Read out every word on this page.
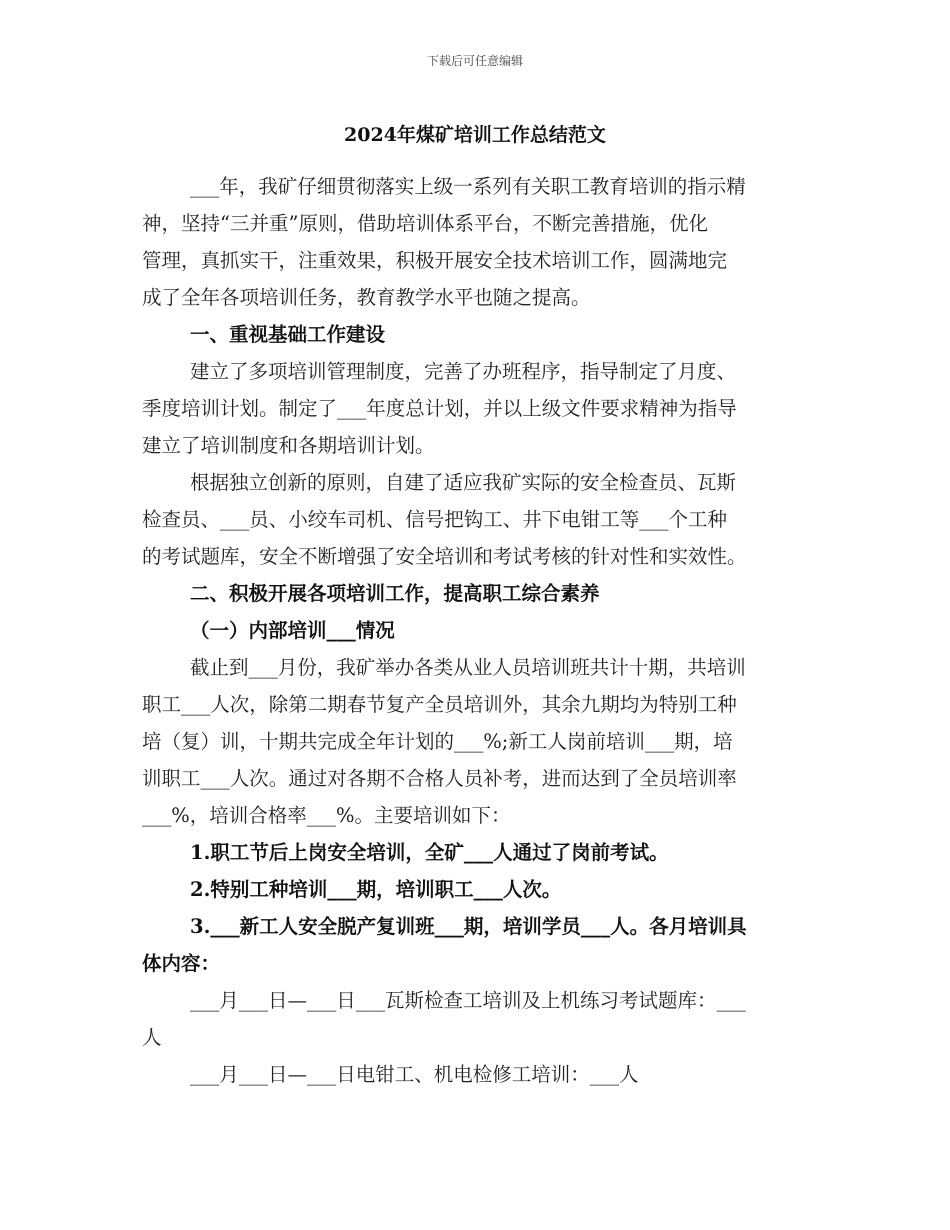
下载后可任意编辑
2024年煤矿培训工作总结范文
___年，我矿仔细贯彻落实上级一系列有关职工教育培训的指示精
神，坚持“三并重”原则，借助培训体系平台，不断完善措施，优化
管理，真抓实干，注重效果，积极开展安全技术培训工作，圆满地完
成了全年各项培训任务，教育教学水平也随之提高。
一、重视基础工作建设
建立了多项培训管理制度，完善了办班程序，指导制定了月度、
季度培训计划。制定了___年度总计划，并以上级文件要求精神为指导
建立了培训制度和各期培训计划。
根据独立创新的原则，自建了适应我矿实际的安全检查员、瓦斯
检查员、___员、小绞车司机、信号把钩工、井下电钳工等___个工种
的考试题库，安全不断增强了安全培训和考试考核的针对性和实效性。
二、积极开展各项培训工作，提高职工综合素养
（一）内部培训___情况
截止到___月份，我矿举办各类从业人员培训班共计十期，共培训
职工___人次，除第二期春节复产全员培训外，其余九期均为特别工种
培（复）训，十期共完成全年计划的___%;新工人岗前培训___期，培
训职工___人次。通过对各期不合格人员补考，进而达到了全员培训率
___%，培训合格率___%。主要培训如下：
1.职工节后上岗安全培训，全矿___人通过了岗前考试。
2.特别工种培训___期，培训职工___人次。
3.___新工人安全脱产复训班___期，培训学员___人。各月培训具
体内容：
___月___日—___日___瓦斯检查工培训及上机练习考试题库：___
人
___月___日—___日电钳工、机电检修工培训：___人
